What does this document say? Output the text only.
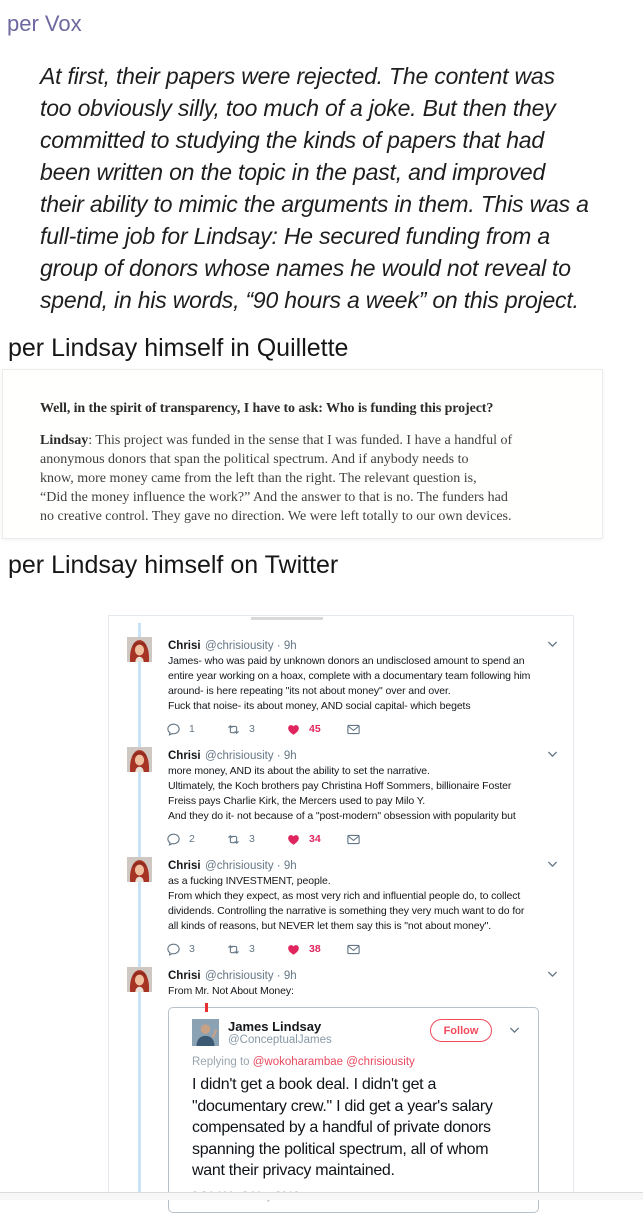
per Vox
At first, their papers were rejected. The content was
too obviously silly, too much of a joke. But then they
committed to studying the kinds of papers that had
been written on the topic in the past, and improved
their ability to mimic the arguments in them. This was a
full-time job for Lindsay: He secured funding from a
group of donors whose names he would not reveal to
spend, in his words, “90 hours a week” on this project.
per Lindsay himself in Quillette

Well, in the spirit of transparency, I have to ask: Who is funding this project?

Lindsay: This project was funded in the sense that I was funded. I have a handful of
anonymous donors that span the political spectrum. And if anybody needs to
know, more money came from the left than the right. The relevant question is,
“Did the money influence the work?” And the answer to that is no. The funders had
no creative control. They gave no direction. We were left totally to our own devices.

per Lindsay himself on Twitter
Chrisi @chrisiousity · 9h
James- who was paid by unknown donors an undisclosed amount to spend an
entire year working on a hoax, complete with a documentary team following him
around- is here repeating "its not about money" over and over.
Fuck that noise- its about money, AND social capital- which begets
1	3	45
Chrisi @chrisiousity · 9h
more money, AND its about the ability to set the narrative.
Ultimately, the Koch brothers pay Christina Hoff Sommers, billionaire Foster
Freiss pays Charlie Kirk, the Mercers used to pay Milo Y.
And they do it- not because of a "post-modern" obsession with popularity but
2	3	34
Chrisi @chrisiousity · 9h
as a fucking INVESTMENT, people.
From which they expect, as most very rich and influential people do, to collect
dividends. Controlling the narrative is something they very much want to do for
all kinds of reasons, but NEVER let them say this is "not about money".
3	3	38
Chrisi @chrisiousity · 9h
From Mr. Not About Money:
James Lindsay
@ConceptualJames
Follow
Replying to @wokoharambae @chrisiousity
I didn't get a book deal. I didn't get a
"documentary crew." I did get a year's salary
compensated by a handful of private donors
spanning the political spectrum, all of whom
want their privacy maintained.
